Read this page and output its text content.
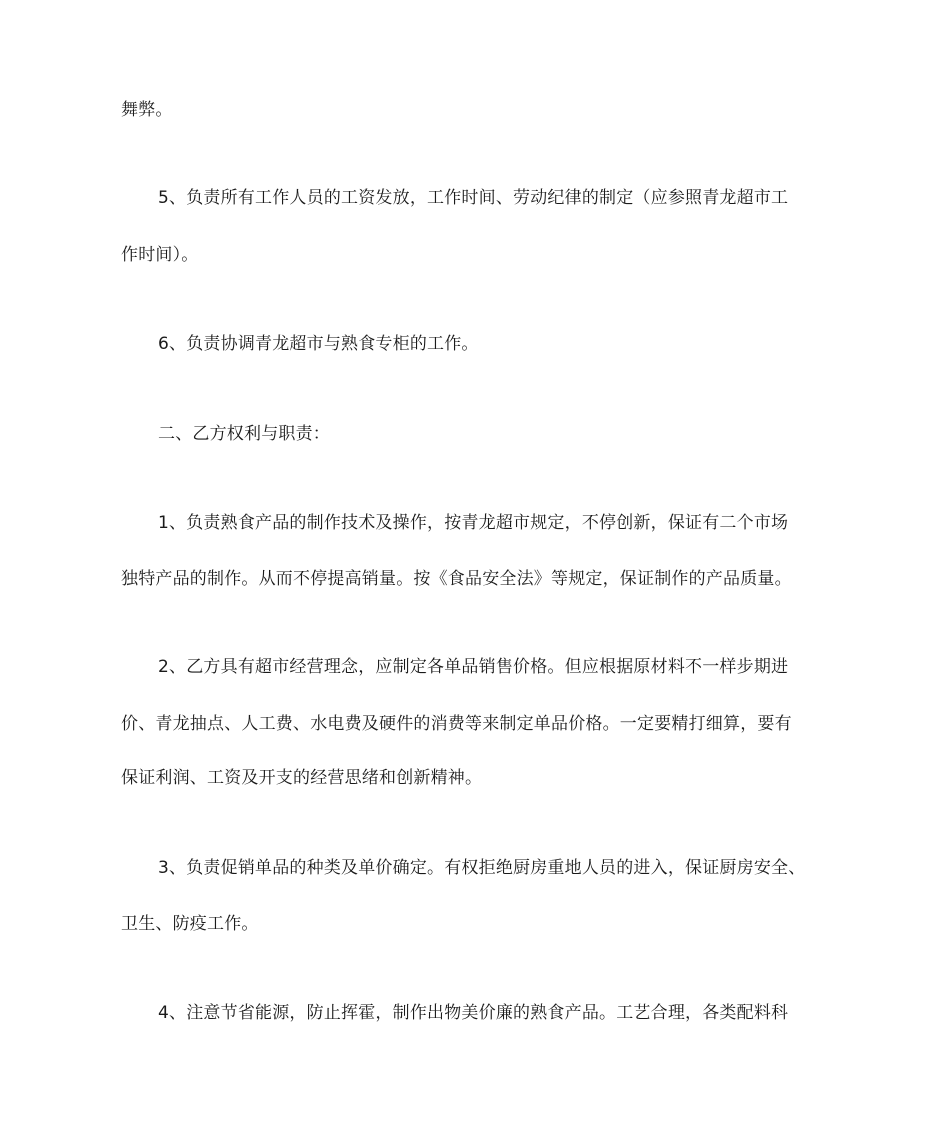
舞弊。
5、负责所有工作人员的工资发放，工作时间、劳动纪律的制定（应参照青龙超市工
作时间）。
6、负责协调青龙超市与熟食专柜的工作。
二、乙方权利与职责：
1、负责熟食产品的制作技术及操作，按青龙超市规定，不停创新，保证有二个市场
独特产品的制作。从而不停提高销量。按《食品安全法》等规定，保证制作的产品质量。
2、乙方具有超市经营理念，应制定各单品销售价格。但应根据原材料不一样步期进
价、青龙抽点、人工费、水电费及硬件的消费等来制定单品价格。一定要精打细算，要有
保证利润、工资及开支的经营思绪和创新精神。
3、负责促销单品的种类及单价确定。有权拒绝厨房重地人员的进入，保证厨房安全、
卫生、防疫工作。
4、注意节省能源，防止挥霍，制作出物美价廉的熟食产品。工艺合理，各类配料科
